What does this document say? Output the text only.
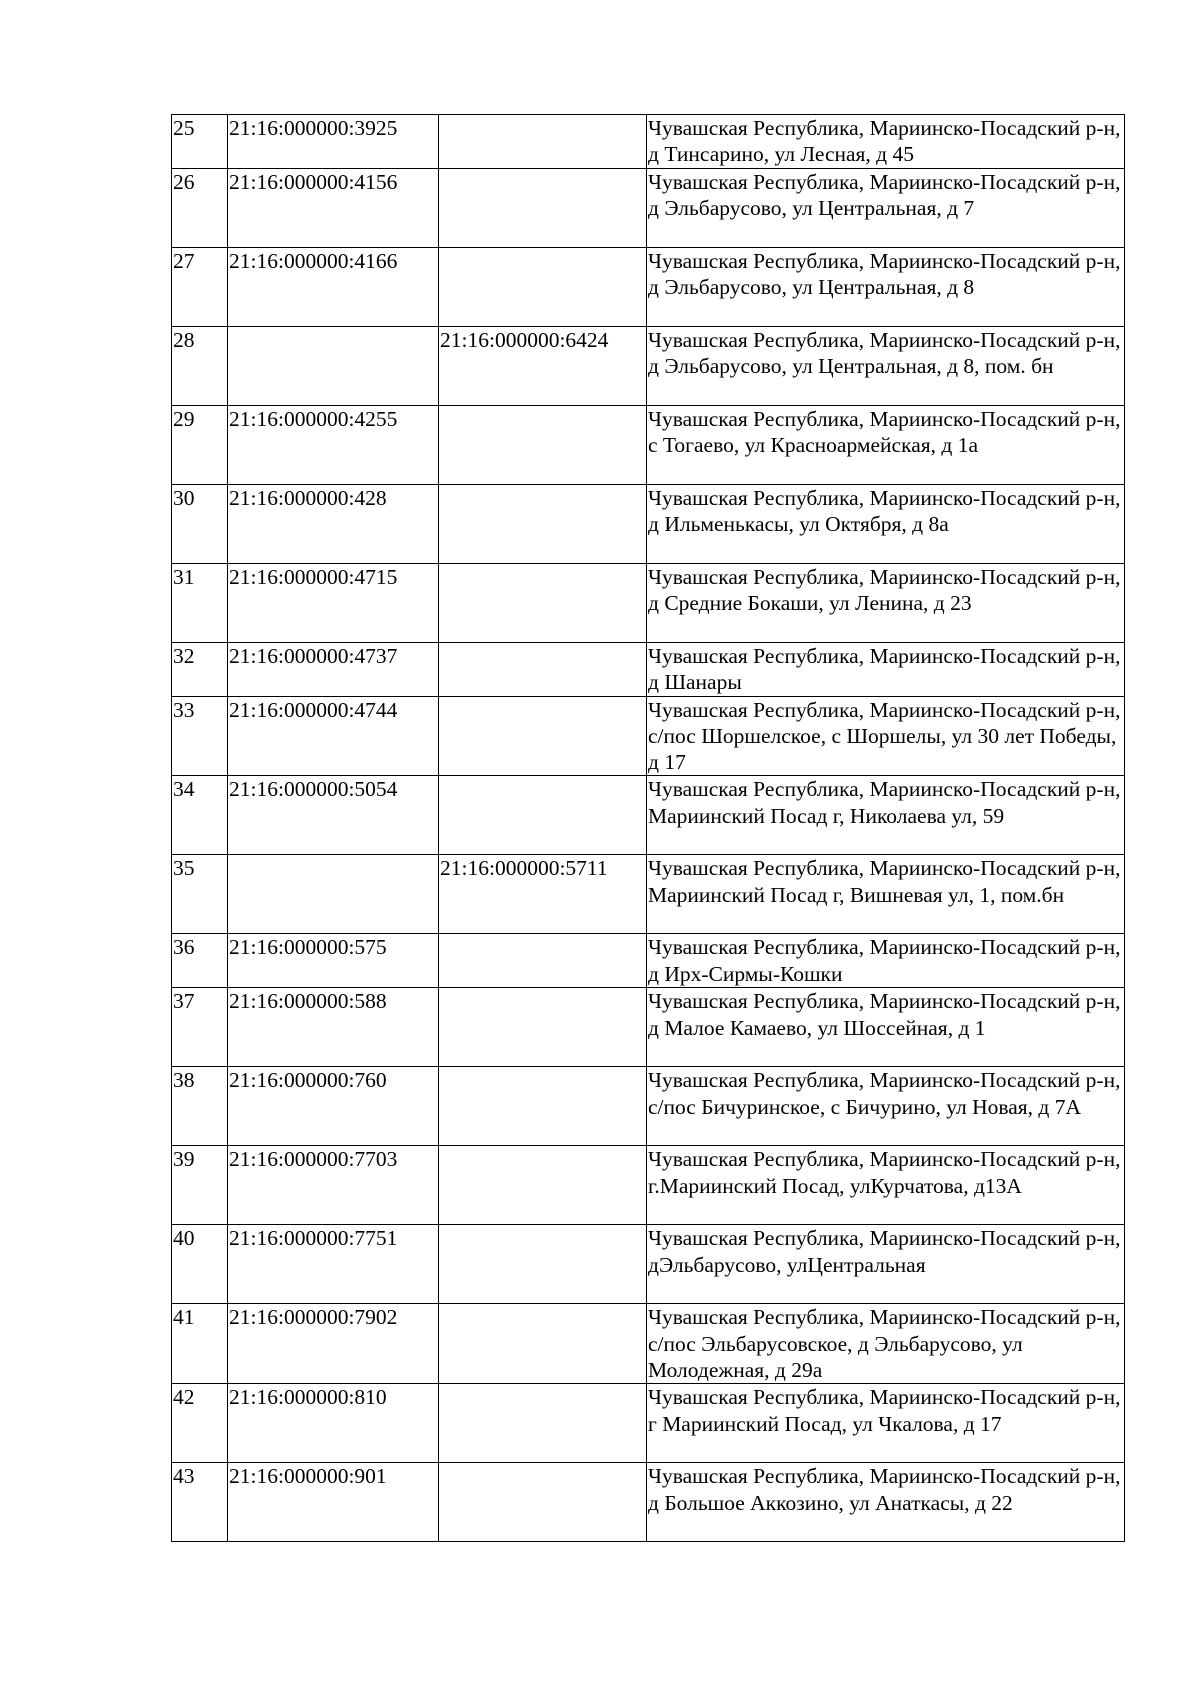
25	21:16:000000:3925		Чувашская Республика, Мариинско-Посадский р-н, д Тинсарино, ул Лесная, д 45
26	21:16:000000:4156		Чувашская Республика, Мариинско-Посадский р-н, д Эльбарусово, ул Центральная, д 7
27	21:16:000000:4166		Чувашская Республика, Мариинско-Посадский р-н, д Эльбарусово, ул Центральная, д 8
28		21:16:000000:6424	Чувашская Республика, Мариинско-Посадский р-н, д Эльбарусово, ул Центральная, д 8, пом. бн
29	21:16:000000:4255		Чувашская Республика, Мариинско-Посадский р-н, с Тогаево, ул Красноармейская, д 1а
30	21:16:000000:428		Чувашская Республика, Мариинско-Посадский р-н, д Ильменькасы, ул Октября, д 8а
31	21:16:000000:4715		Чувашская Республика, Мариинско-Посадский р-н, д Средние Бокаши, ул Ленина, д 23
32	21:16:000000:4737		Чувашская Республика, Мариинско-Посадский р-н, д Шанары
33	21:16:000000:4744		Чувашская Республика, Мариинско-Посадский р-н, с/пос Шоршелское, с Шоршелы, ул 30 лет Победы, д 17
34	21:16:000000:5054		Чувашская Республика, Мариинско-Посадский р-н, Мариинский Посад г, Николаева ул, 59
35		21:16:000000:5711	Чувашская Республика, Мариинско-Посадский р-н, Мариинский Посад г, Вишневая ул, 1, пом.бн
36	21:16:000000:575		Чувашская Республика, Мариинско-Посадский р-н, д Ирх-Сирмы-Кошки
37	21:16:000000:588		Чувашская Республика, Мариинско-Посадский р-н, д Малое Камаево, ул Шоссейная, д 1
38	21:16:000000:760		Чувашская Республика, Мариинско-Посадский р-н, с/пос Бичуринское, с Бичурино, ул Новая, д 7А
39	21:16:000000:7703		Чувашская Республика, Мариинско-Посадский р-н, г.Мариинский Посад, улКурчатова, д13А
40	21:16:000000:7751		Чувашская Республика, Мариинско-Посадский р-н, дЭльбарусово, улЦентральная
41	21:16:000000:7902		Чувашская Республика, Мариинско-Посадский р-н, с/пос Эльбарусовское, д Эльбарусово, ул Молодежная, д 29а
42	21:16:000000:810		Чувашская Республика, Мариинско-Посадский р-н, г Мариинский Посад, ул Чкалова, д 17
43	21:16:000000:901		Чувашская Республика, Мариинско-Посадский р-н, д Большое Аккозино, ул Анаткасы, д 22
